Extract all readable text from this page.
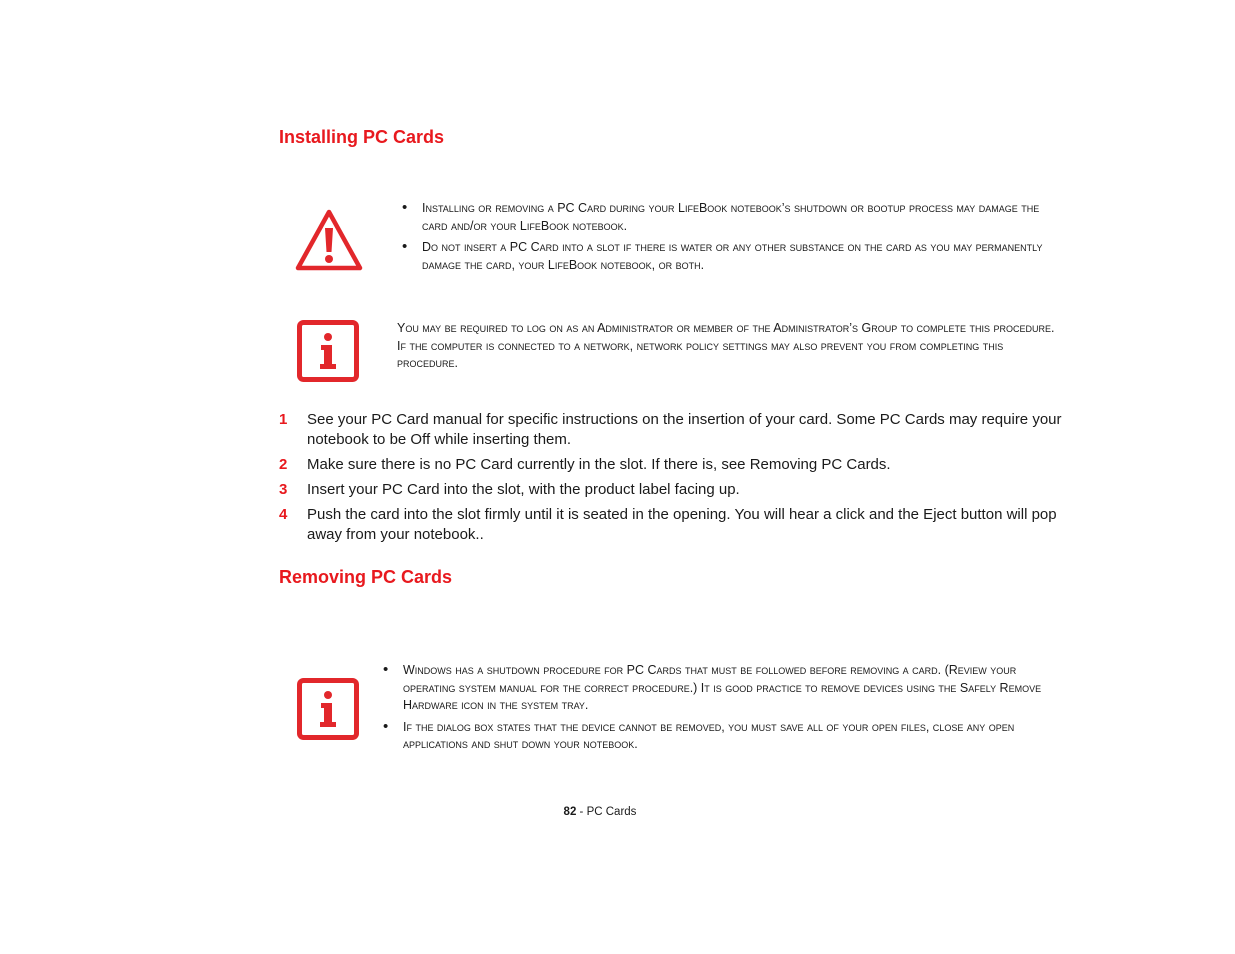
Installing PC Cards
• Installing or removing a PC Card during your LifeBook notebook’s shutdown or bootup process may damage the card and/or your LifeBook notebook.
• Do not insert a PC Card into a slot if there is water or any other substance on the card as you may permanently damage the card, your LifeBook notebook, or both.
You may be required to log on as an Administrator or member of the Administrator’s Group to complete this procedure. If the computer is connected to a network, network policy settings may also prevent you from completing this procedure.
1 See your PC Card manual for specific instructions on the insertion of your card. Some PC Cards may require your notebook to be Off while inserting them.
2 Make sure there is no PC Card currently in the slot. If there is, see Removing PC Cards.
3 Insert your PC Card into the slot, with the product label facing up.
4 Push the card into the slot firmly until it is seated in the opening. You will hear a click and the Eject button will pop away from your notebook..
Removing PC Cards
• Windows has a shutdown procedure for PC Cards that must be followed before removing a card. (Review your operating system manual for the correct procedure.) It is good practice to remove devices using the Safely Remove Hardware icon in the system tray.
• If the dialog box states that the device cannot be removed, you must save all of your open files, close any open applications and shut down your notebook.
82 - PC Cards
